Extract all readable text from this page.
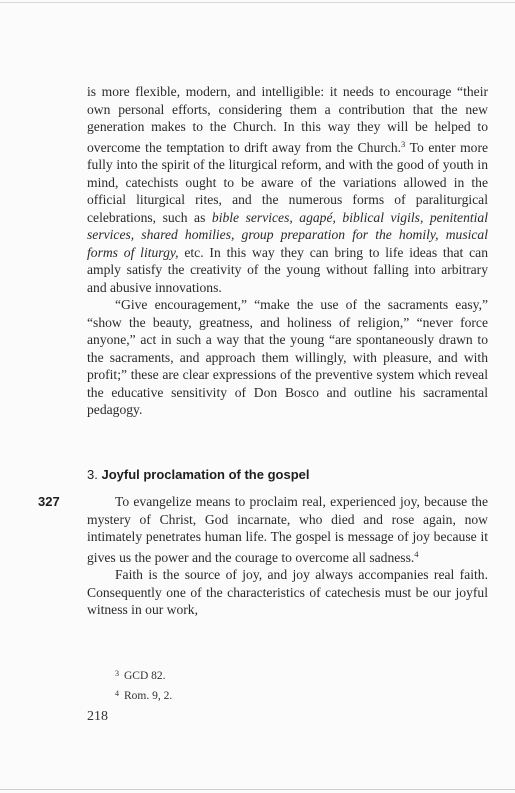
is more flexible, modern, and intelligible: it needs to encourage “their own personal efforts, considering them a contribution that the new generation makes to the Church. In this way they will be helped to overcome the temptation to drift away from the Church.$^3$ To enter more fully into the spirit of the liturgical reform, and with the good of youth in mind, catechists ought to be aware of the variations allowed in the official liturgical rites, and the numerous forms of paraliturgical celebrations, such as bible services, agapé, biblical vigils, penitential services, shared homilies, group preparation for the homily, musical forms of liturgy, etc. In this way they can bring to life ideas that can amply satisfy the creativity of the young without falling into arbitrary and abusive innovations.

“Give encouragement,” “make the use of the sacraments easy,” “show the beauty, greatness, and holiness of religion,” “never force anyone,” act in such a way that the young “are spontaneously drawn to the sacraments, and approach them willingly, with pleasure, and with profit;” these are clear expressions of the preventive system which reveal the educative sensitivity of Don Bosco and outline his sacramental pedagogy.

3. Joyful proclamation of the gospel
327	To evangelize means to proclaim real, experienced joy, because the mystery of Christ, God incarnate, who died and rose again, now intimately penetrates human life. The gospel is message of joy because it gives us the power and the courage to overcome all sadness.$^4$

Faith is the source of joy, and joy always accompanies real faith. Consequently one of the characteristics of catechesis must be our joyful witness in our work,

$^3$ GCD 82.
$^4$ Rom. 9, 2.
218
